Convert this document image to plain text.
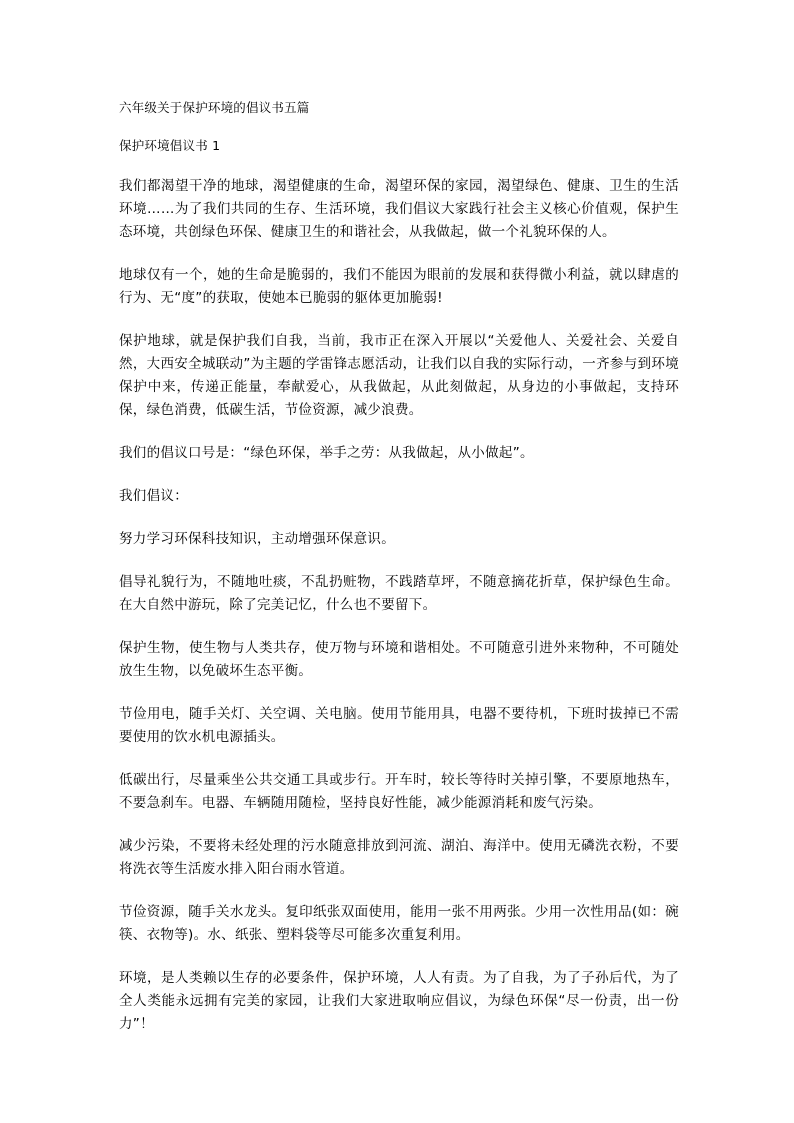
六年级关于保护环境的倡议书五篇
保护环境倡议书 1

我们都渴望干净的地球，渴望健康的生命，渴望环保的家园，渴望绿色、健康、卫生的生活环境……为了我们共同的生存、生活环境，我们倡议大家践行社会主义核心价值观，保护生态环境，共创绿色环保、健康卫生的和谐社会，从我做起，做一个礼貌环保的人。

地球仅有一个，她的生命是脆弱的，我们不能因为眼前的发展和获得微小利益，就以肆虐的行为、无“度”的获取，使她本已脆弱的躯体更加脆弱!

保护地球，就是保护我们自我，当前，我市正在深入开展以“关爱他人、关爱社会、关爱自然，大西安全城联动”为主题的学雷锋志愿活动，让我们以自我的实际行动，一齐参与到环境保护中来，传递正能量，奉献爱心，从我做起，从此刻做起，从身边的小事做起，支持环保，绿色消费，低碳生活，节俭资源，减少浪费。

我们的倡议口号是：“绿色环保，举手之劳：从我做起，从小做起”。

我们倡议：

努力学习环保科技知识，主动增强环保意识。

倡导礼貌行为，不随地吐痰，不乱扔赃物，不践踏草坪，不随意摘花折草，保护绿色生命。在大自然中游玩，除了完美记忆，什么也不要留下。

保护生物，使生物与人类共存，使万物与环境和谐相处。不可随意引进外来物种，不可随处放生生物，以免破坏生态平衡。

节俭用电，随手关灯、关空调、关电脑。使用节能用具，电器不要待机，下班时拔掉已不需要使用的饮水机电源插头。

低碳出行，尽量乘坐公共交通工具或步行。开车时，较长等待时关掉引擎，不要原地热车，不要急刹车。电器、车辆随用随检，坚持良好性能，减少能源消耗和废气污染。

减少污染，不要将未经处理的污水随意排放到河流、湖泊、海洋中。使用无磷洗衣粉，不要将洗衣等生活废水排入阳台雨水管道。

节俭资源，随手关水龙头。复印纸张双面使用，能用一张不用两张。少用一次性用品(如：碗筷、衣物等)。水、纸张、塑料袋等尽可能多次重复利用。

环境，是人类赖以生存的必要条件，保护环境，人人有责。为了自我，为了子孙后代，为了全人类能永远拥有完美的家园，让我们大家进取响应倡议，为绿色环保“尽一份责，出一份力”！
